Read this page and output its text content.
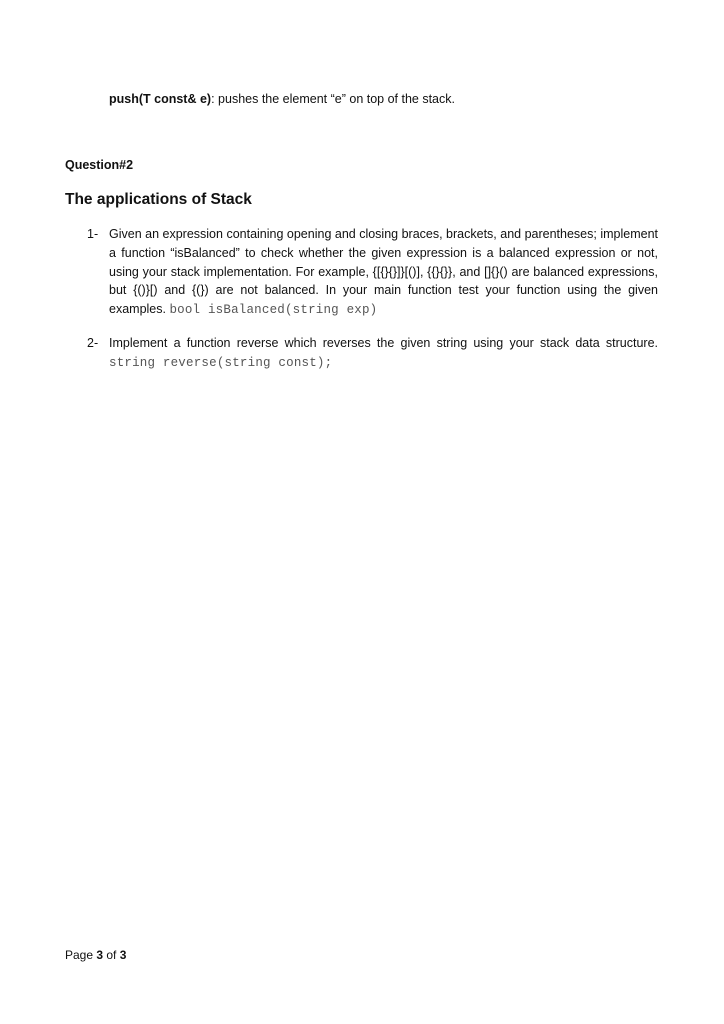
push(T const& e): pushes the element “e” on top of the stack.
Question#2
The applications of Stack
1- Given an expression containing opening and closing braces, brackets, and parentheses; implement a function “isBalanced” to check whether the given expression is a balanced expression or not, using your stack implementation. For example, {[{}{}]}[()], {{}{}}, and []{}() are balanced expressions, but {()}[) and {(}) are not balanced. In your main function test your function using the given examples. bool isBalanced(string exp)
2- Implement a function reverse which reverses the given string using your stack data structure. string reverse(string const);
Page 3 of 3
